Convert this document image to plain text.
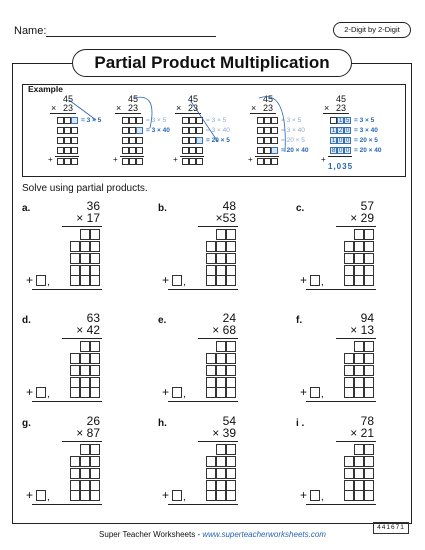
Name:	2-Digit by 2-Digit
Partial Product Multiplication
Example
45
× 23
= 3 × 5
+
45
× 23
= 3 × 5
= 3 × 40
+
45
× 23
= 3 × 5
= 3 × 40
= 20 × 5
+
45
× 23
= 3 × 5
= 3 × 40
= 20 × 5
= 20 × 40
+
45
× 23
1 5 = 3 × 5
1 2 0 = 3 × 40
1 0 0 = 20 × 5
8 0 0 = 20 × 40
+
1,035
Solve using partial products.
a.	36
× 17
+ ,
b.	48
×53
+ ,
c.	57
× 29
+ ,
d.	63
× 42
+ ,
e.	24
× 68
+ ,
f.	94
× 13
+ ,
g.	26
× 87
+ ,
h.	54
× 39
+ ,
i .	78
× 21
+ ,
Super Teacher Worksheets - www.superteacherworksheets.com
441671
